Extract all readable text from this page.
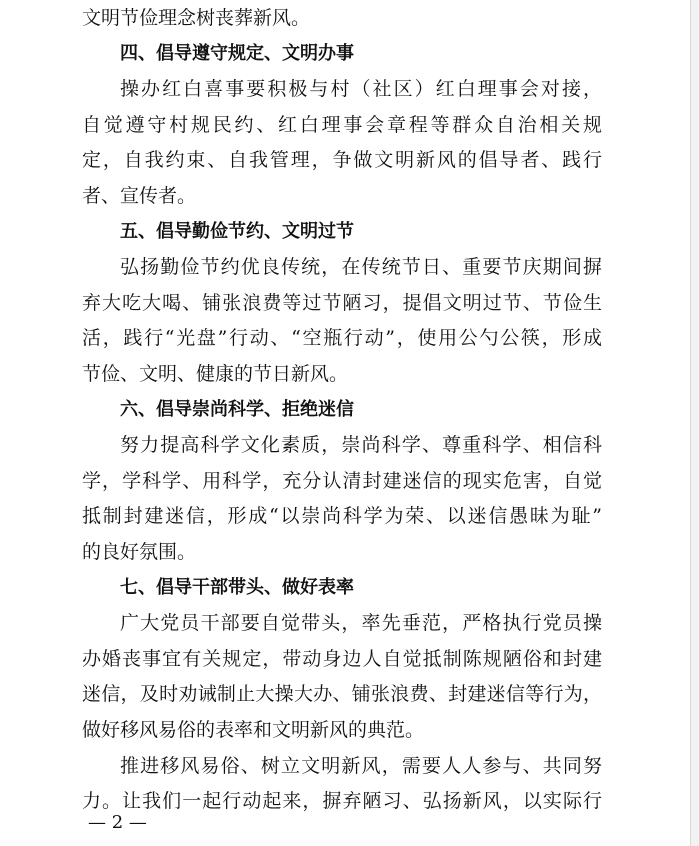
文明节俭理念树丧葬新风。
四、倡导遵守规定、文明办事
操办红白喜事要积极与村（社区）红白理事会对接，
自觉遵守村规民约、红白理事会章程等群众自治相关规
定，自我约束、自我管理，争做文明新风的倡导者、践行
者、宣传者。
五、倡导勤俭节约、文明过节
弘扬勤俭节约优良传统，在传统节日、重要节庆期间摒
弃大吃大喝、铺张浪费等过节陋习，提倡文明过节、节俭生
活，践行“光盘”行动、“空瓶行动”，使用公勺公筷，形成
节俭、文明、健康的节日新风。
六、倡导崇尚科学、拒绝迷信
努力提高科学文化素质，崇尚科学、尊重科学、相信科
学，学科学、用科学，充分认清封建迷信的现实危害，自觉
抵制封建迷信，形成“以崇尚科学为荣、以迷信愚昧为耻”
的良好氛围。
七、倡导干部带头、做好表率
广大党员干部要自觉带头，率先垂范，严格执行党员操
办婚丧事宜有关规定，带动身边人自觉抵制陈规陋俗和封建
迷信，及时劝诫制止大操大办、铺张浪费、封建迷信等行为，
做好移风易俗的表率和文明新风的典范。
推进移风易俗、树立文明新风，需要人人参与、共同努
力。让我们一起行动起来，摒弃陋习、弘扬新风，以实际行
— 2 —
